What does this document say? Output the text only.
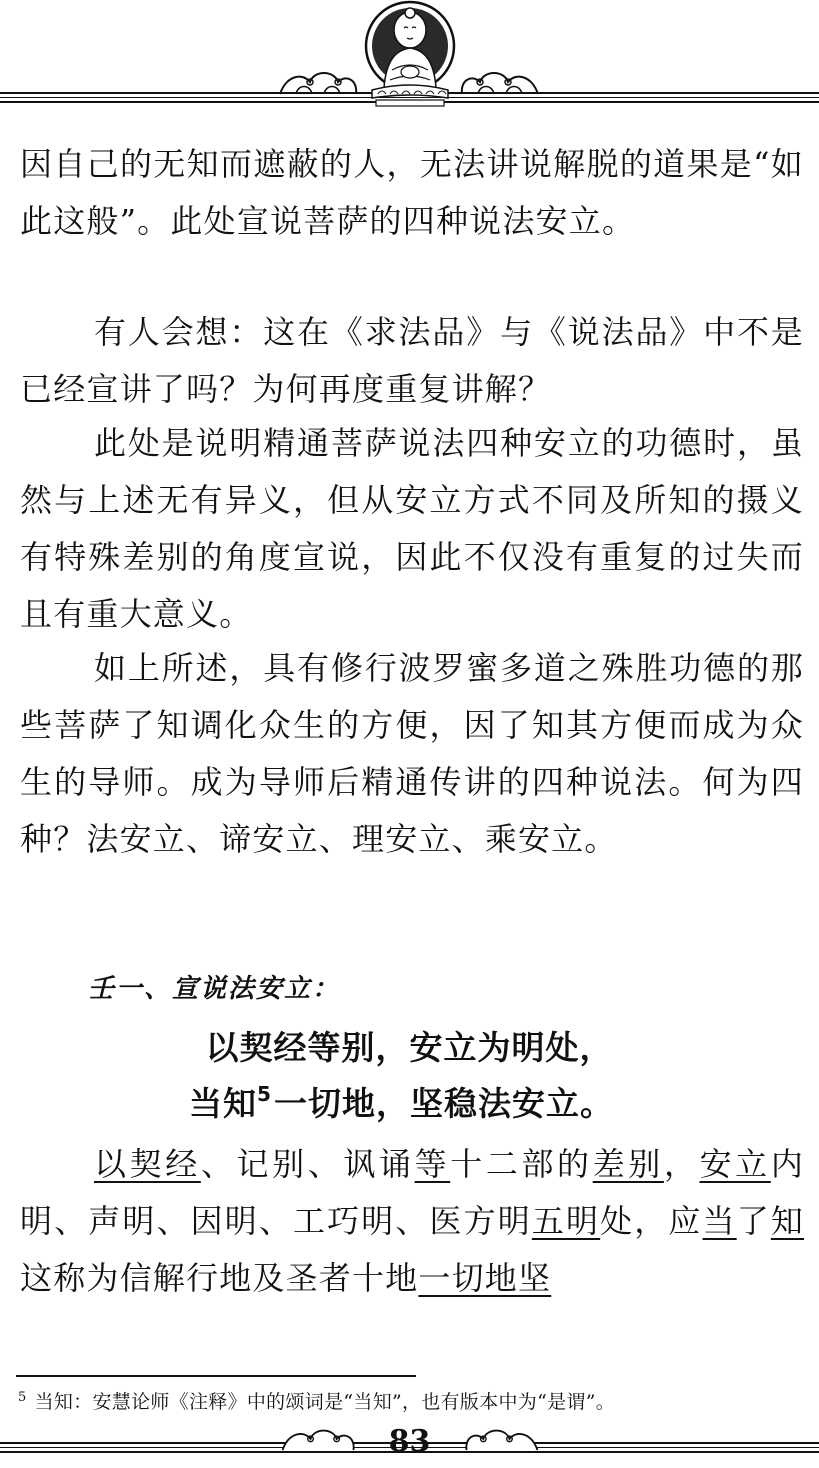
因自己的无知而遮蔽的人，无法讲说解脱的道果是“如此这般”。此处宣说菩萨的四种说法安立。

有人会想：这在《求法品》与《说法品》中不是已经宣讲了吗？为何再度重复讲解？

此处是说明精通菩萨说法四种安立的功德时，虽然与上述无有异义，但从安立方式不同及所知的摄义有特殊差别的角度宣说，因此不仅没有重复的过失而且有重大意义。

如上所述，具有修行波罗蜜多道之殊胜功德的那些菩萨了知调化众生的方便，因了知其方便而成为众生的导师。成为导师后精通传讲的四种说法。何为四种？法安立、谛安立、理安立、乘安立。

壬一、宣说法安立：
以契经等别，安立为明处，
当知$^5$一切地，坚稳法安立。

以契经、记别、讽诵等十二部的差别，安立内明、声明、因明、工巧明、医方明五明处，应当了知这称为信解行地及圣者十地一切地坚

$^5$ 当知：安慧论师《注释》中的颂词是“当知”，也有版本中为“是谓”。
83
